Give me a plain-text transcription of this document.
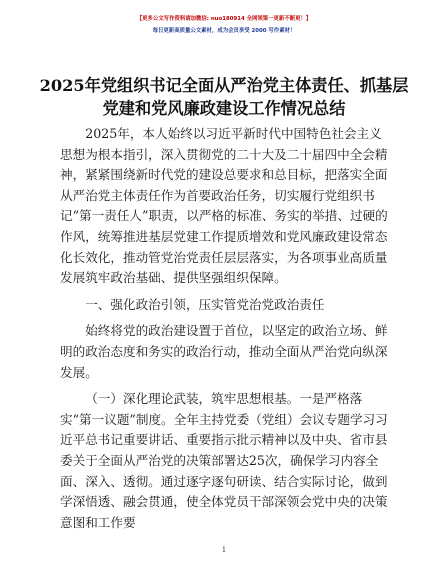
【更多公文写作资料请加微信: nuo180914 全网领第一更新不断更！】
每日更新高质量公文素材，成为会员享受 2000 写作素材！
2025年党组织书记全面从严治党主体责任、抓基层党建和党风廉政建设工作情况总结

2025年，本人始终以习近平新时代中国特色社会主义思想为根本指引，深入贯彻党的二十大及二十届四中全会精神，紧紧围绕新时代党的建设总要求和总目标，把落实全面从严治党主体责任作为首要政治任务，切实履行党组织书记“第一责任人”职责，以严格的标准、务实的举措、过硬的作风，统筹推进基层党建工作提质增效和党风廉政建设常态化长效化，推动管党治党责任层层落实，为各项事业高质量发展筑牢政治基础、提供坚强组织保障。

一、强化政治引领，压实管党治党政治责任

始终将党的政治建设置于首位，以坚定的政治立场、鲜明的政治态度和务实的政治行动，推动全面从严治党向纵深发展。

（一）深化理论武装，筑牢思想根基。一是严格落实“第一议题”制度。全年主持党委（党组）会议专题学习习近平总书记重要讲话、重要指示批示精神以及中央、省市县委关于全面从严治党的决策部署达25次，确保学习内容全面、深入、透彻。通过逐字逐句研读、结合实际讨论，做到学深悟透、融会贯通，使全体党员干部深领会党中央的决策意图和工作要

1
